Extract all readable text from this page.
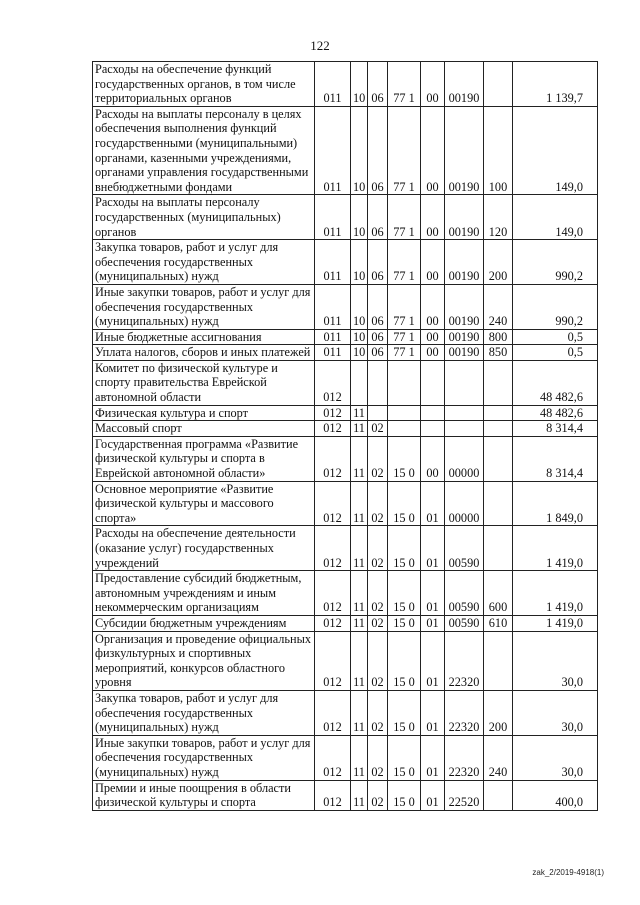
122
Расходы на обеспечение функций государственных органов, в том числе территориальных органов	011	10	06	77 1	00	00190		1 139,7
Расходы на выплаты персоналу в целях обеспечения выполнения функций государственными (муниципальными) органами, казенными учреждениями, органами управления государственными внебюджетными фондами	011	10	06	77 1	00	00190	100	149,0
Расходы на выплаты персоналу государственных (муниципальных) органов	011	10	06	77 1	00	00190	120	149,0
Закупка товаров, работ и услуг для обеспечения государственных (муниципальных) нужд	011	10	06	77 1	00	00190	200	990,2
Иные закупки товаров, работ и услуг для обеспечения государственных (муниципальных) нужд	011	10	06	77 1	00	00190	240	990,2
Иные бюджетные ассигнования	011	10	06	77 1	00	00190	800	0,5
Уплата налогов, сборов и иных платежей	011	10	06	77 1	00	00190	850	0,5
Комитет по физической культуре и спорту правительства Еврейской автономной области	012							48 482,6
Физическая культура и спорт	012	11						48 482,6
Массовый спорт	012	11	02					8 314,4
Государственная программа «Развитие физической культуры и спорта в Еврейской автономной области»	012	11	02	15 0	00	00000		8 314,4
Основное мероприятие «Развитие физической культуры и массового спорта»	012	11	02	15 0	01	00000		1 849,0
Расходы на обеспечение деятельности (оказание услуг) государственных учреждений	012	11	02	15 0	01	00590		1 419,0
Предоставление субсидий бюджетным, автономным учреждениям и иным некоммерческим организациям	012	11	02	15 0	01	00590	600	1 419,0
Субсидии бюджетным учреждениям	012	11	02	15 0	01	00590	610	1 419,0
Организация и проведение официальных физкультурных и спортивных мероприятий, конкурсов областного уровня	012	11	02	15 0	01	22320		30,0
Закупка товаров, работ и услуг для обеспечения государственных (муниципальных) нужд	012	11	02	15 0	01	22320	200	30,0
Иные закупки товаров, работ и услуг для обеспечения государственных (муниципальных) нужд	012	11	02	15 0	01	22320	240	30,0
Премии и иные поощрения в области физической культуры и спорта	012	11	02	15 0	01	22520		400,0
zak_2/2019-4918(1)
